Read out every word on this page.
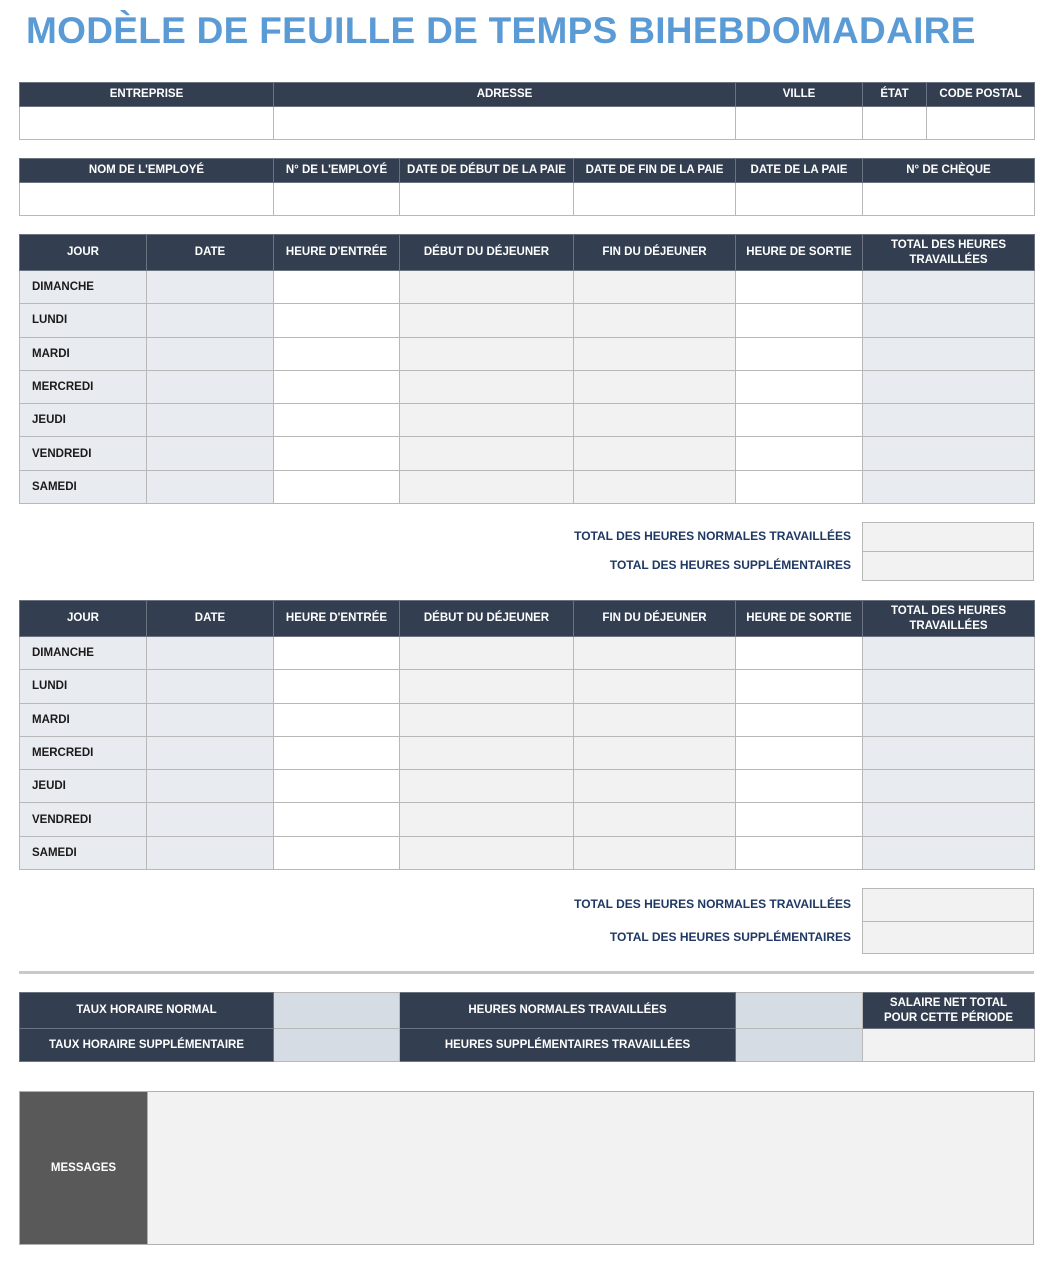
MODÈLE DE FEUILLE DE TEMPS BIHEBDOMADAIRE
ENTREPRISE	ADRESSE	VILLE	ÉTAT	CODE POSTAL

NOM DE L'EMPLOYÉ	N° DE L'EMPLOYÉ	DATE DE DÉBUT DE LA PAIE	DATE DE FIN DE LA PAIE	DATE DE LA PAIE	N° DE CHÈQUE

JOUR	DATE	HEURE D'ENTRÉE	DÉBUT DU DÉJEUNER	FIN DU DÉJEUNER	HEURE DE SORTIE	TOTAL DES HEURES TRAVAILLÉES
DIMANCHE						
LUNDI						
MARDI						
MERCREDI						
JEUDI						
VENDREDI						
SAMEDI						
TOTAL DES HEURES NORMALES TRAVAILLÉES
TOTAL DES HEURES SUPPLÉMENTAIRES
JOUR	DATE	HEURE D'ENTRÉE	DÉBUT DU DÉJEUNER	FIN DU DÉJEUNER	HEURE DE SORTIE	TOTAL DES HEURES TRAVAILLÉES
DIMANCHE						
LUNDI						
MARDI						
MERCREDI						
JEUDI						
VENDREDI						
SAMEDI						
TOTAL DES HEURES NORMALES TRAVAILLÉES
TOTAL DES HEURES SUPPLÉMENTAIRES
TAUX HORAIRE NORMAL		HEURES NORMALES TRAVAILLÉES		SALAIRE NET TOTAL POUR CETTE PÉRIODE
TAUX HORAIRE SUPPLÉMENTAIRE		HEURES SUPPLÉMENTAIRES TRAVAILLÉES		
MESSAGES
